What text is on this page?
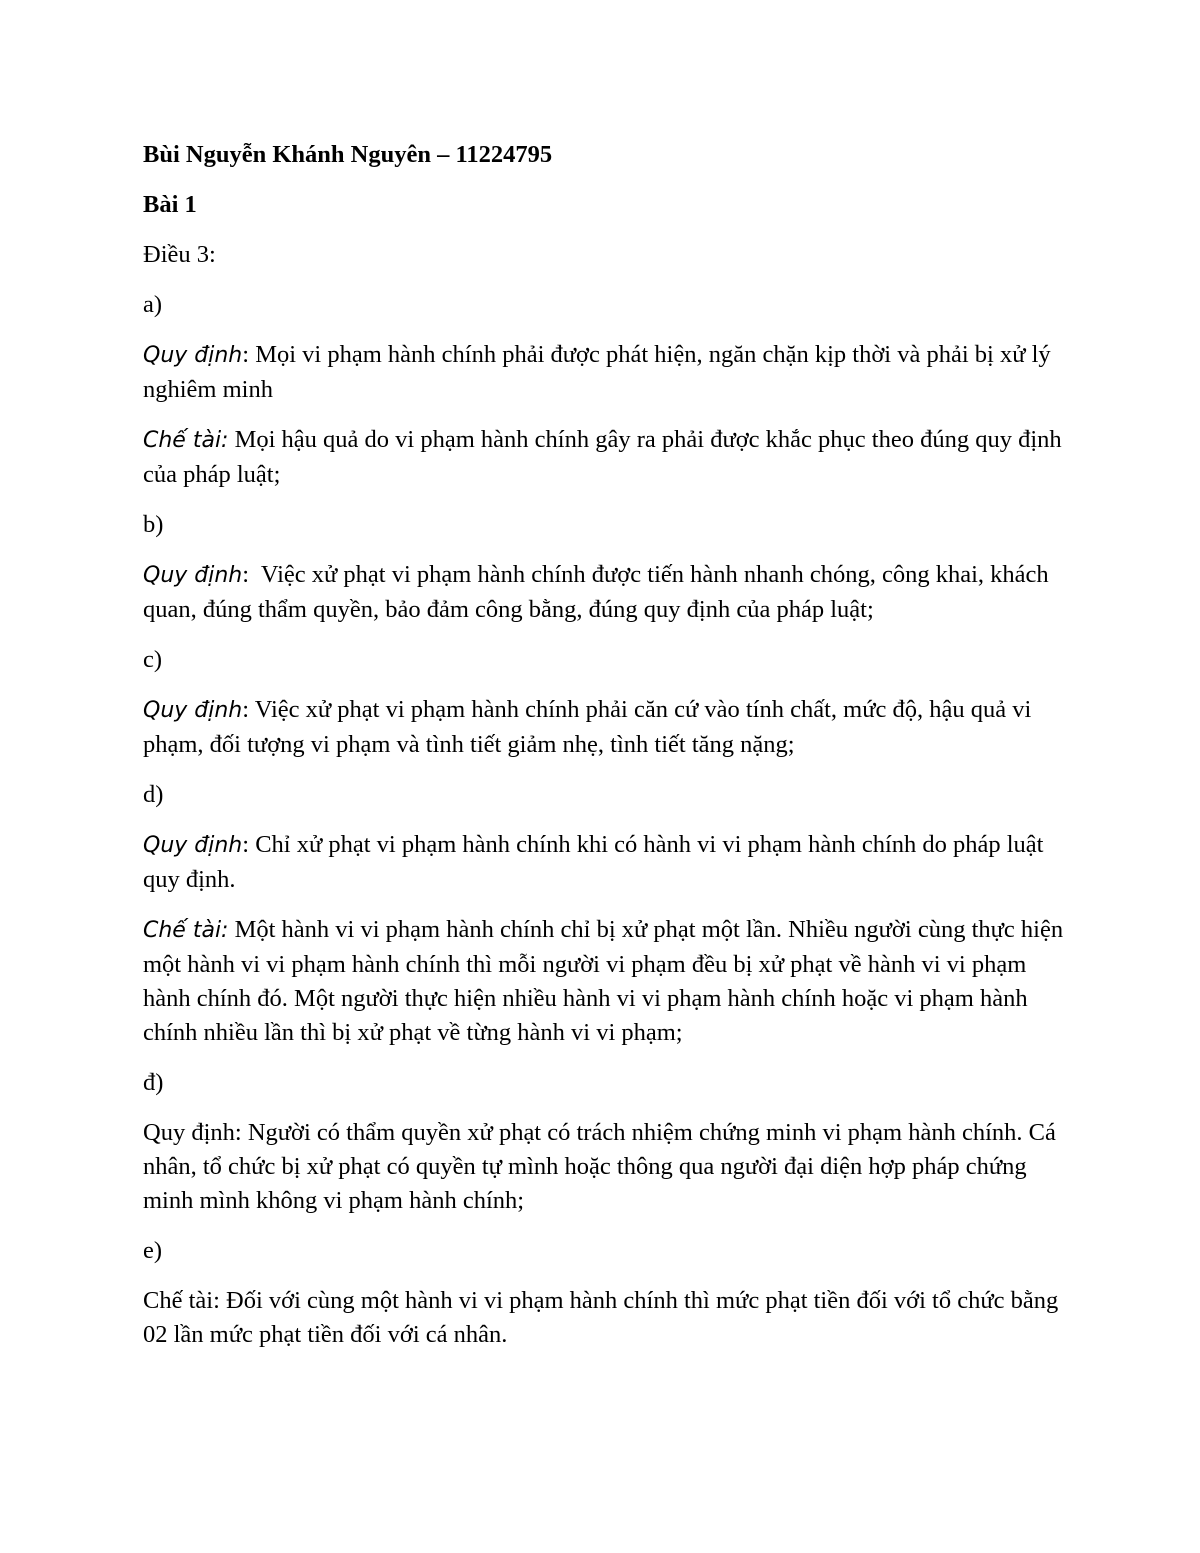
Bùi Nguyễn Khánh Nguyên – 11224795

Bài 1

Điều 3:

a)

Quy định: Mọi vi phạm hành chính phải được phát hiện, ngăn chặn kịp thời và phải bị xử lý nghiêm minh

Chế tài: Mọi hậu quả do vi phạm hành chính gây ra phải được khắc phục theo đúng quy định của pháp luật;

b)

Quy định:  Việc xử phạt vi phạm hành chính được tiến hành nhanh chóng, công khai, khách quan, đúng thẩm quyền, bảo đảm công bằng, đúng quy định của pháp luật;

c)

Quy định: Việc xử phạt vi phạm hành chính phải căn cứ vào tính chất, mức độ, hậu quả vi phạm, đối tượng vi phạm và tình tiết giảm nhẹ, tình tiết tăng nặng;

d)

Quy định: Chỉ xử phạt vi phạm hành chính khi có hành vi vi phạm hành chính do pháp luật quy định.

Chế tài: Một hành vi vi phạm hành chính chỉ bị xử phạt một lần. Nhiều người cùng thực hiện một hành vi vi phạm hành chính thì mỗi người vi phạm đều bị xử phạt về hành vi vi phạm hành chính đó. Một người thực hiện nhiều hành vi vi phạm hành chính hoặc vi phạm hành chính nhiều lần thì bị xử phạt về từng hành vi vi phạm;

đ)

Quy định: Người có thẩm quyền xử phạt có trách nhiệm chứng minh vi phạm hành chính. Cá nhân, tổ chức bị xử phạt có quyền tự mình hoặc thông qua người đại diện hợp pháp chứng minh mình không vi phạm hành chính;

e)

Chế tài: Đối với cùng một hành vi vi phạm hành chính thì mức phạt tiền đối với tổ chức bằng 02 lần mức phạt tiền đối với cá nhân.
